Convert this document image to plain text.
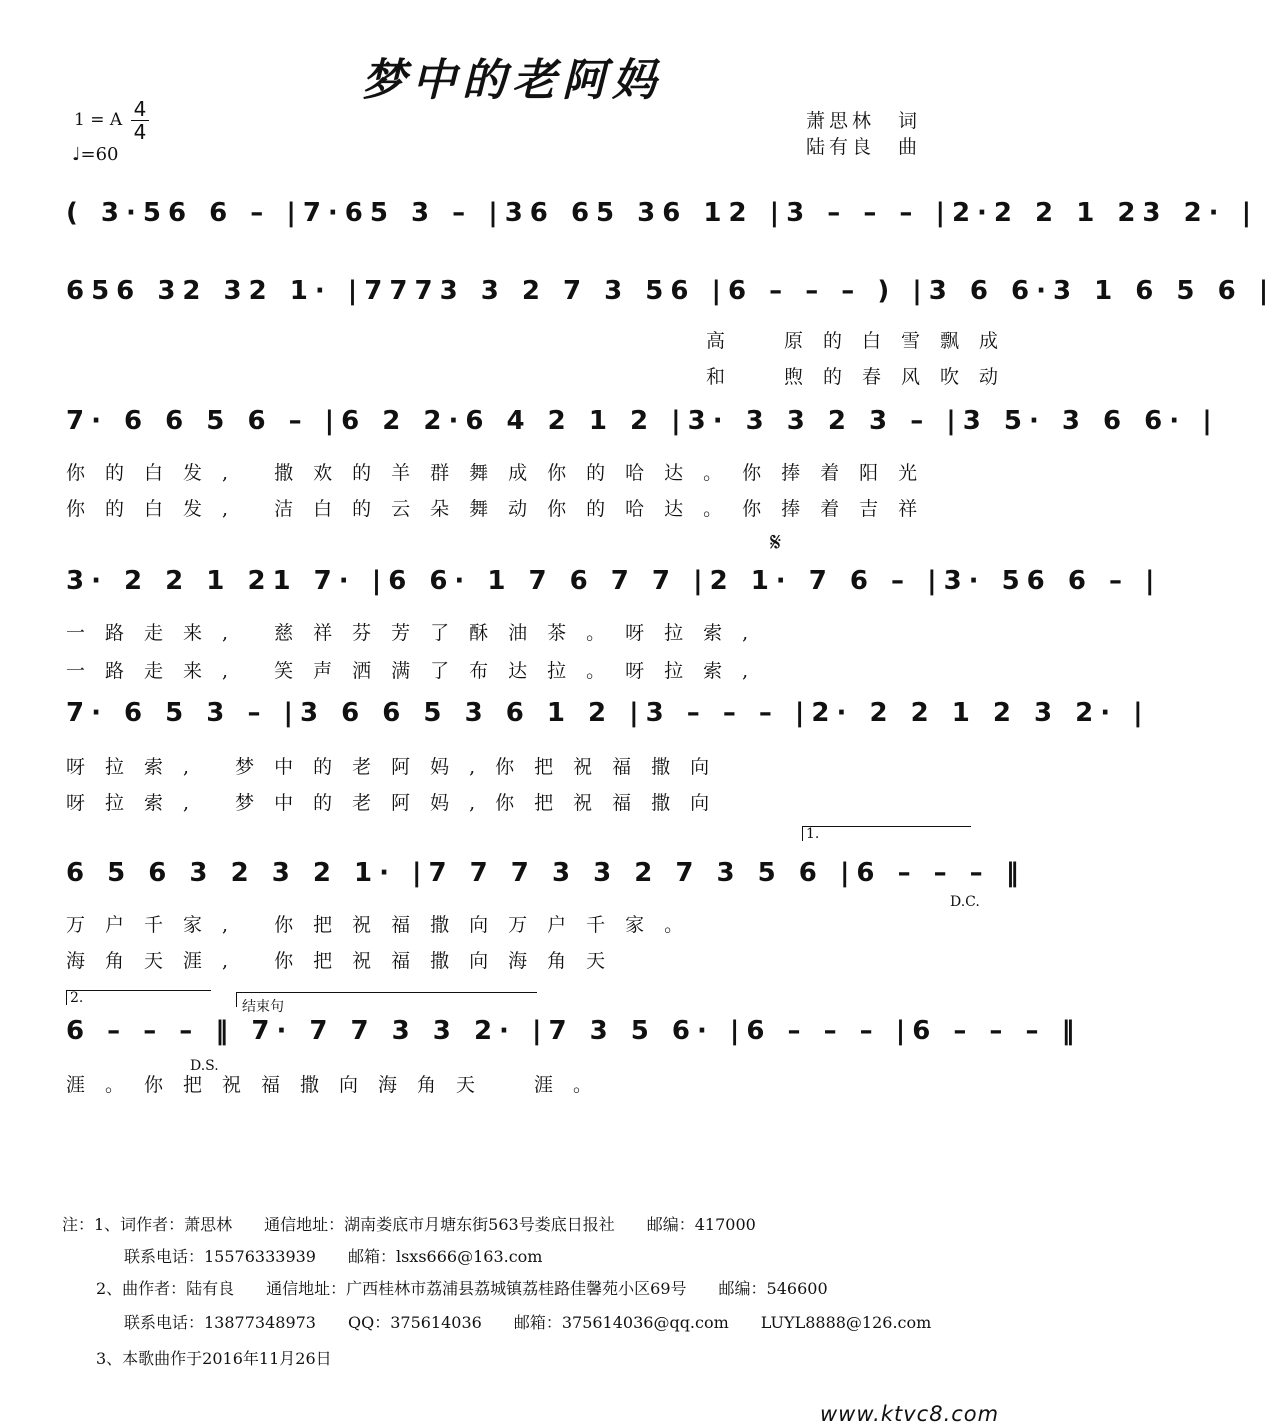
梦中的老阿妈
1 = A 4
4
♩=60
萧思林　词
陆有良　曲
( 3·56 6 – |7·65 3 – |36 65 36 12 |3 – – – |2·2 2 1 23 2· |
656 32 32 1· |7773 3 2 7 3 56 |6 – – – ) |3 6 6·3 1 6 5 6 |
高　原的白雪飘成
和　煦的春风吹动
7· 6 6 5 6 – |6 2 2·6 4 2 1 2 |3· 3 3 2 3 – |3 5· 3 6 6· |
你的白发, 撒欢的羊群舞成你的哈达。你捧着阳光
你的白发, 洁白的云朵舞动你的哈达。你捧着吉祥
𝄋
3· 2 2 1 21 7· |6 6· 1 7 6 7 7 |2 1· 7 6 – |3· 56 6 – |
一路走来, 慈祥芬芳了酥油茶。呀拉索,
一路走来, 笑声洒满了布达拉。呀拉索,
7· 6 5 3 – |3 6 6 5 3 6 1 2 |3 – – – |2· 2 2 1 2 3 2· |
呀拉索, 梦中的老阿妈,你把祝福撒向
呀拉索, 梦中的老阿妈,你把祝福撒向
1.
6 5 6 3 2 3 2 1· |7 7 7 3 3 2 7 3 5 6 |6 – – – ‖
D.C.
万户千家, 你把祝福撒向万户千家。
海角天涯, 你把祝福撒向海角天
2.
结束句
6 – – – ‖ 7· 7 7 3 3 2· |7 3 5 6· |6 – – – |6 – – – ‖
D.S.
涯。你把祝福撒向海角天　涯。
注：1、词作者：萧思林　　通信地址：湖南娄底市月塘东街563号娄底日报社　　邮编：417000
联系电话：15576333939　　邮箱：lsxs666@163.com
2、曲作者：陆有良　　通信地址：广西桂林市荔浦县荔城镇荔桂路佳馨苑小区69号　　邮编：546600
联系电话：13877348973　　QQ：375614036　　邮箱：375614036@qq.com　　LUYL8888@126.com
3、本歌曲作于2016年11月26日
www.ktvc8.com
